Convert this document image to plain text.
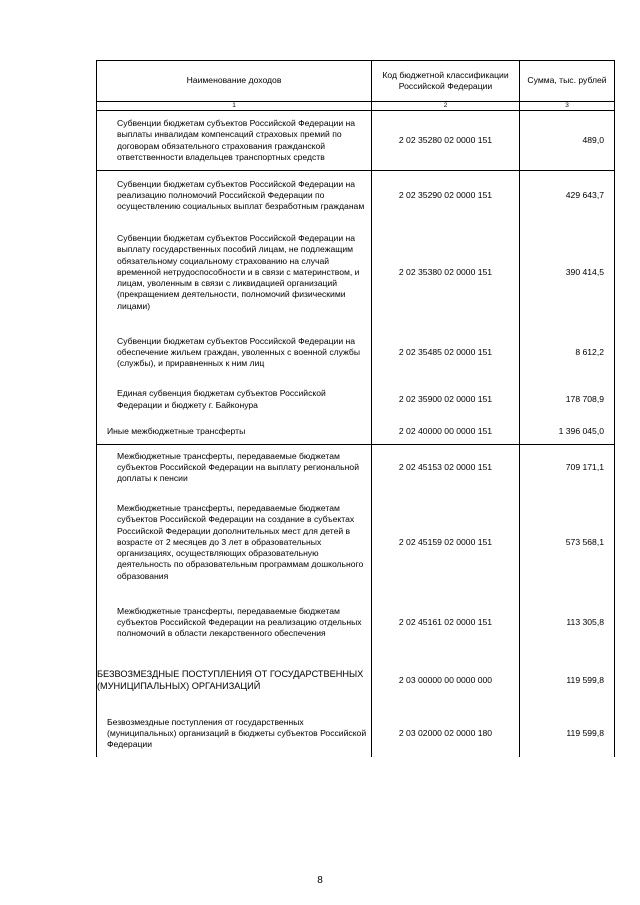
Наименование доходов	Код бюджетной классификации Российской Федерации	Сумма, тыс. рублей
1	2	3
Субвенции бюджетам субъектов Российской Федерации на выплаты инвалидам компенсаций страховых премий по договорам обязательного страхования гражданской ответственности владельцев транспортных средств	2 02 35280 02 0000 151	489,0
Субвенции бюджетам субъектов Российской Федерации на реализацию полномочий Российской Федерации по осуществлению социальных выплат безработным гражданам	2 02 35290 02 0000 151	429 643,7
Субвенции бюджетам субъектов Российской Федерации на выплату государственных пособий лицам, не подлежащим обязательному социальному страхованию на случай временной нетрудоспособности и в связи с материнством, и лицам, уволенным в связи с ликвидацией организаций (прекращением деятельности, полномочий физическими лицами)	2 02 35380 02 0000 151	390 414,5
Субвенции бюджетам субъектов Российской Федерации на обеспечение жильем граждан, уволенных с военной службы (службы), и приравненных к ним лиц	2 02 35485 02 0000 151	8 612,2
Единая субвенция бюджетам субъектов Российской Федерации и бюджету г. Байконура	2 02 35900 02 0000 151	178 708,9
Иные межбюджетные трансферты	2 02 40000 00 0000 151	1 396 045,0
Межбюджетные трансферты, передаваемые бюджетам субъектов Российской Федерации на выплату региональной доплаты к пенсии	2 02 45153 02 0000 151	709 171,1
Межбюджетные трансферты, передаваемые бюджетам субъектов Российской Федерации на создание в субъектах Российской Федерации дополнительных мест для детей в возрасте от 2 месяцев до 3 лет в образовательных организациях, осуществляющих образовательную деятельность по образовательным программам дошкольного образования	2 02 45159 02 0000 151	573 568,1
Межбюджетные трансферты, передаваемые бюджетам субъектов Российской Федерации на реализацию отдельных полномочий в области лекарственного обеспечения	2 02 45161 02 0000 151	113 305,8
БЕЗВОЗМЕЗДНЫЕ ПОСТУПЛЕНИЯ ОТ ГОСУДАРСТВЕННЫХ (МУНИЦИПАЛЬНЫХ) ОРГАНИЗАЦИЙ	2 03 00000 00 0000 000	119 599,8
Безвозмездные поступления от государственных (муниципальных) организаций в бюджеты субъектов Российской Федерации	2 03 02000 02 0000 180	119 599,8
8
